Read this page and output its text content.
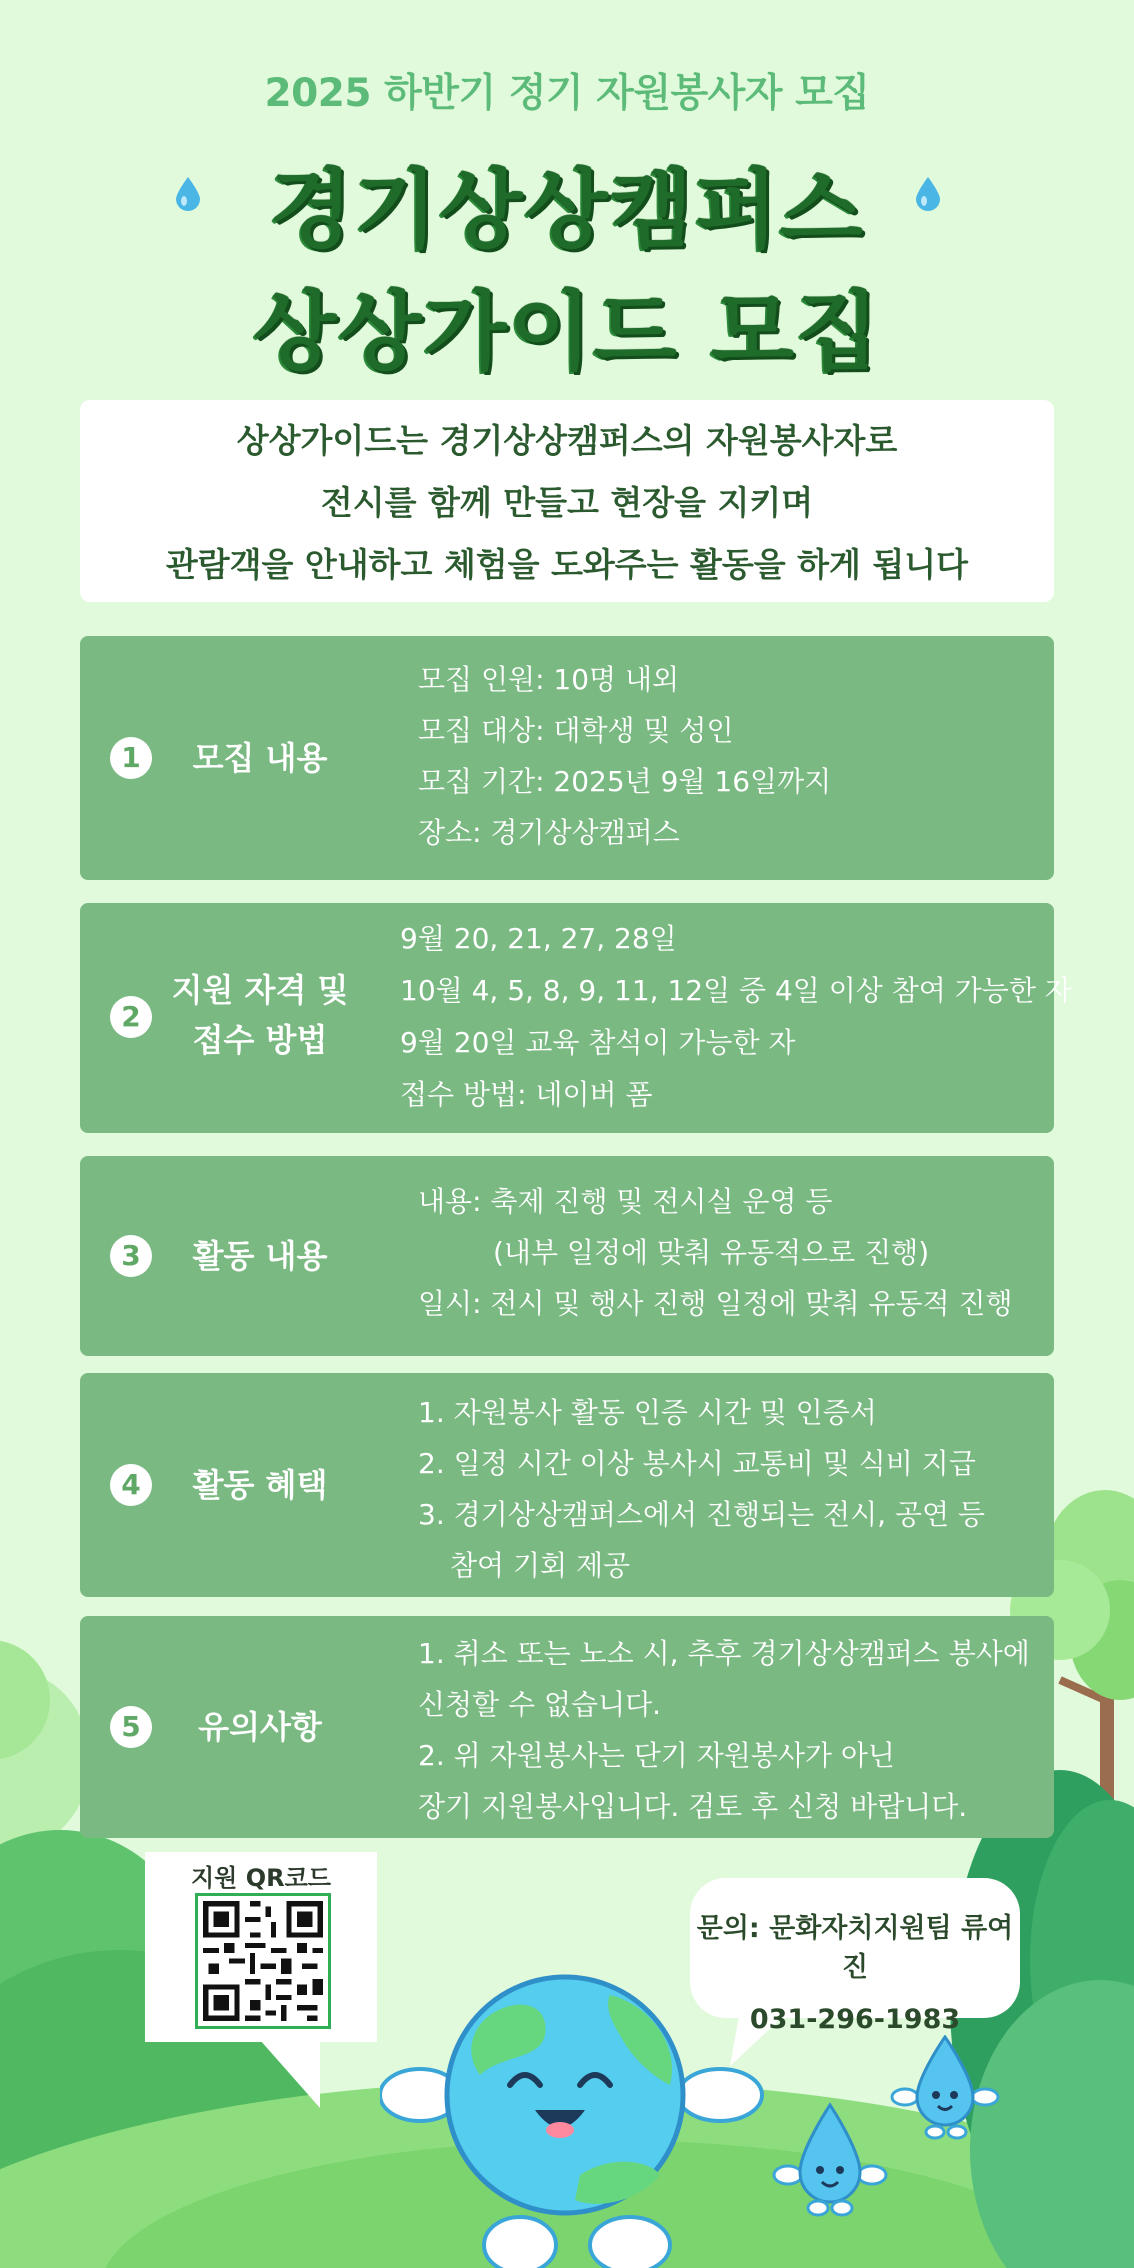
2025 하반기 정기 자원봉사자 모집
경기상상캠퍼스
상상가이드 모집
상상가이드는 경기상상캠퍼스의 자원봉사자로
전시를 함께 만들고 현장을 지키며
관람객을 안내하고 체험을 도와주는 활동을 하게 됩니다
1	모집 내용
모집 인원: 10명 내외
모집 대상: 대학생 및 성인
모집 기간: 2025년 9월 16일까지
장소: 경기상상캠퍼스
2
지원 자격 및
접수 방법
9월 20, 21, 27, 28일
10월 4, 5, 8, 9, 11, 12일 중 4일 이상 참여 가능한 자
9월 20일 교육 참석이 가능한 자
접수 방법: 네이버 폼
3	활동 내용
내용: 축제 진행 및 전시실 운영 등
(내부 일정에 맞춰 유동적으로 진행)
일시: 전시 및 행사 진행 일정에 맞춰 유동적 진행
4	활동 혜택
1. 자원봉사 활동 인증 시간 및 인증서
2. 일정 시간 이상 봉사시 교통비 및 식비 지급
3. 경기상상캠퍼스에서 진행되는 전시, 공연 등
참여 기회 제공
5	유의사항
1. 취소 또는 노소 시, 추후 경기상상캠퍼스 봉사에
신청할 수 없습니다.
2. 위 자원봉사는 단기 자원봉사가 아닌
장기 지원봉사입니다. 검토 후 신청 바랍니다.
지원 QR코드
문의: 문화자치지원팀 류여진
031-296-1983
